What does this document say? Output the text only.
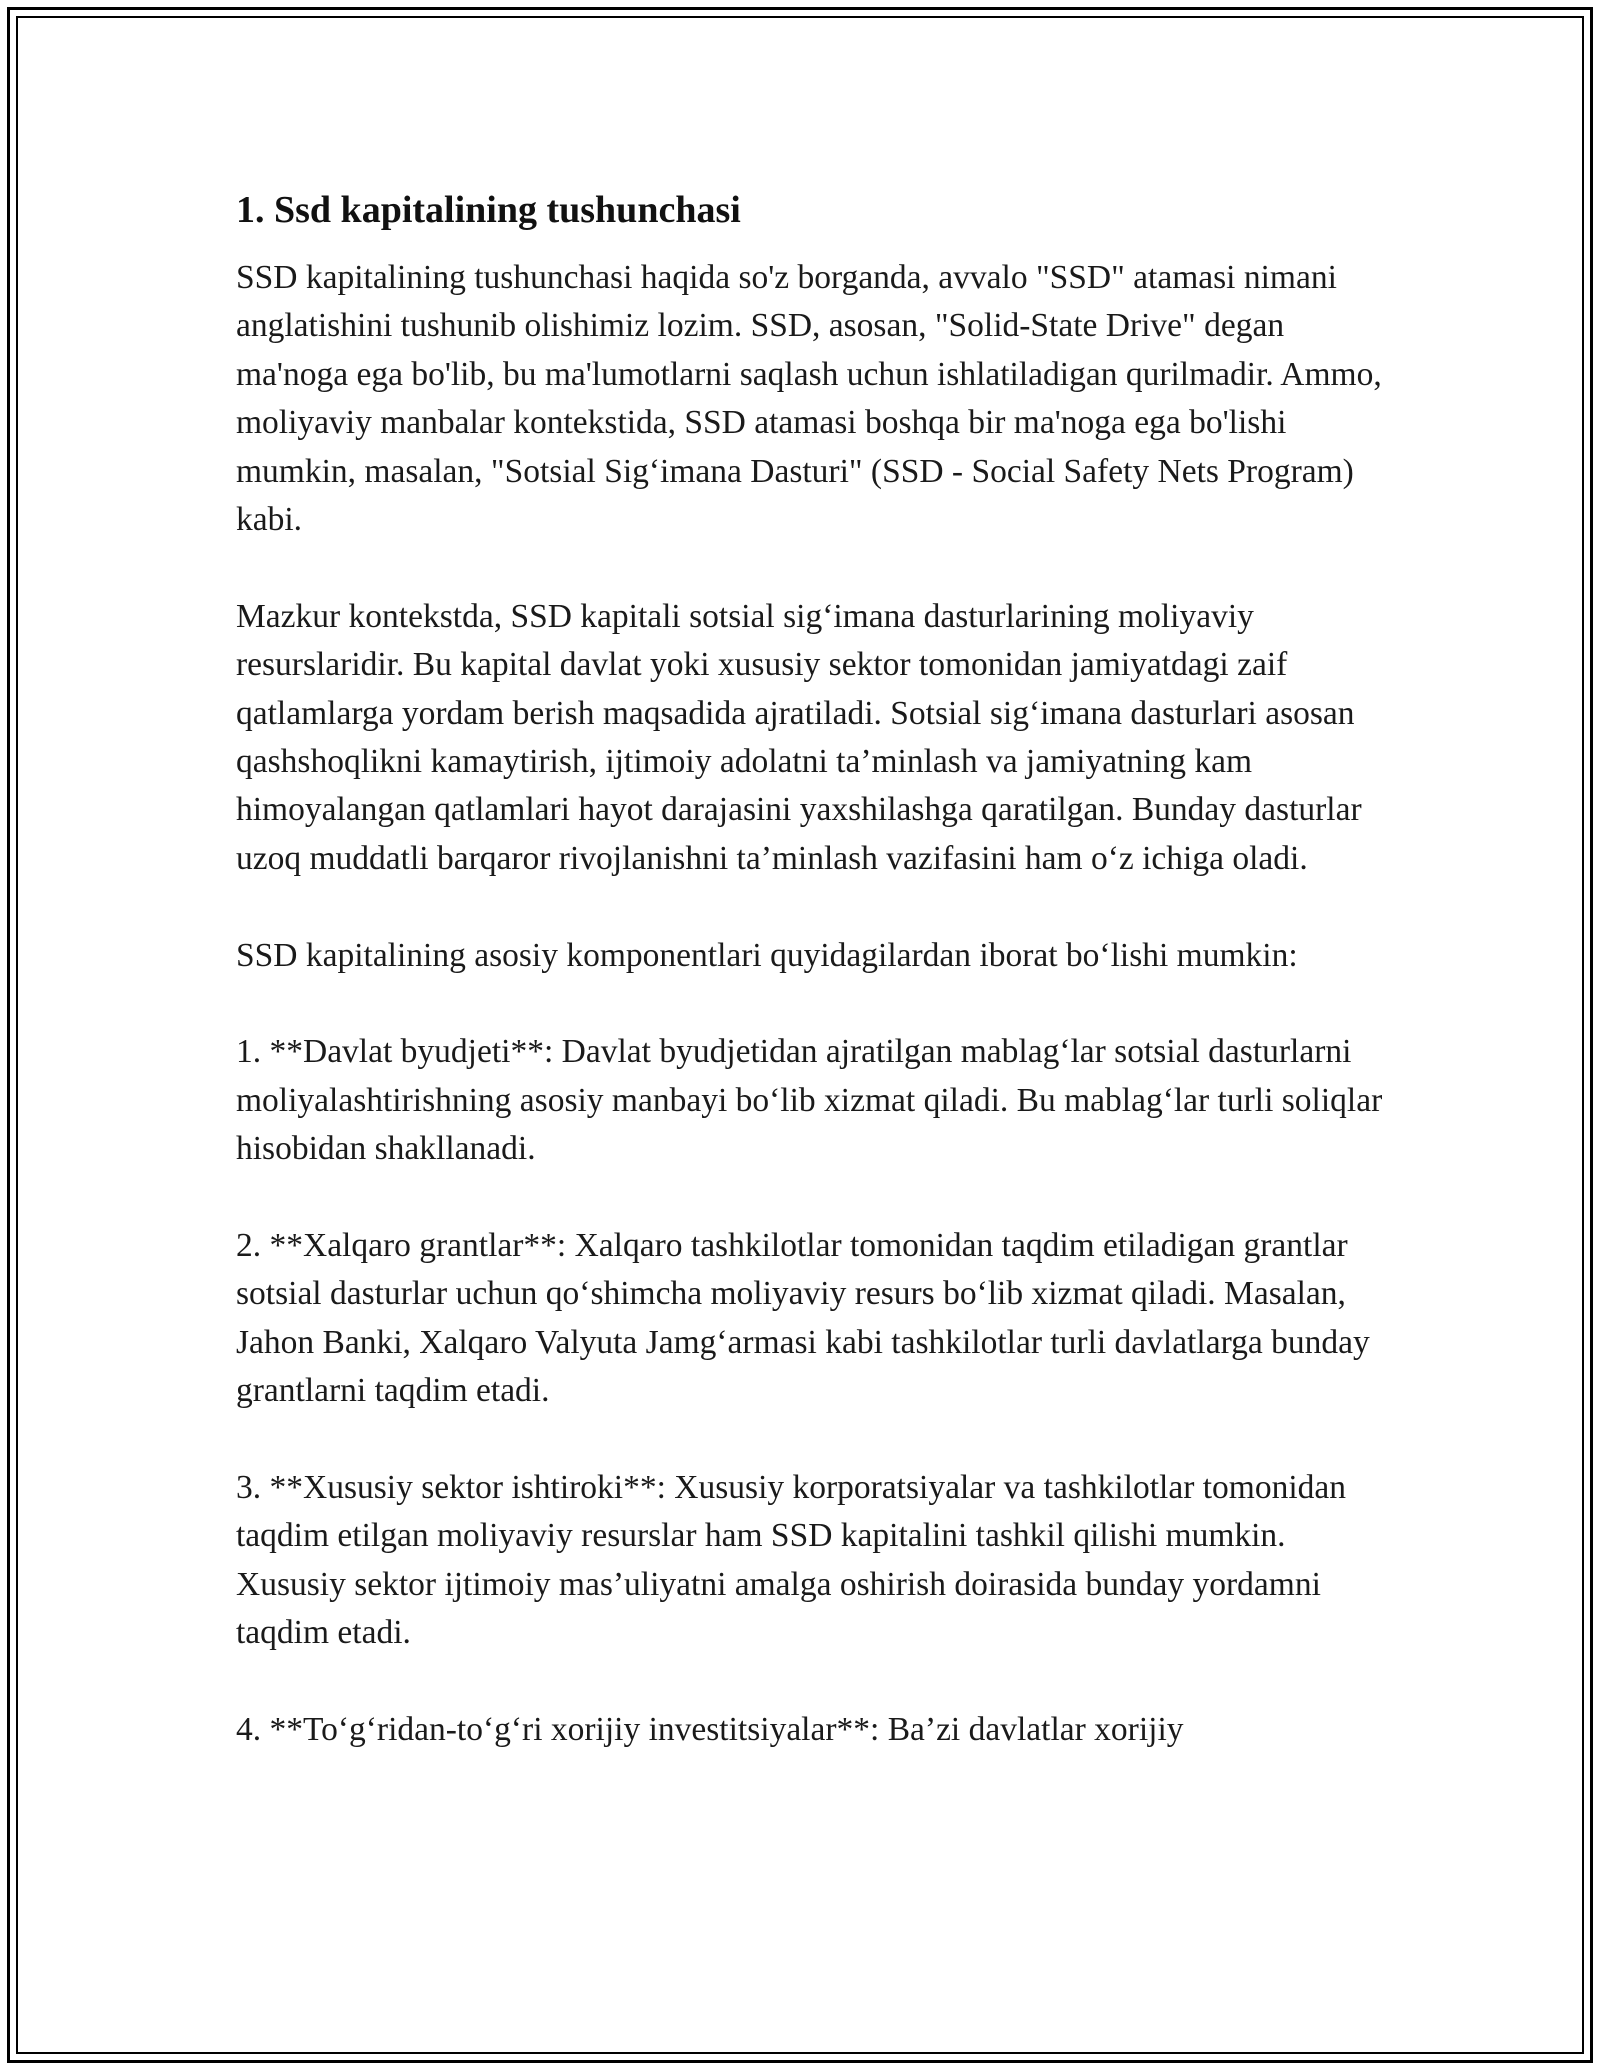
1. Ssd kapitalining tushunchasi

SSD kapitalining tushunchasi haqida so'z borganda, avvalo "SSD" atamasi nimani anglatishini tushunib olishimiz lozim. SSD, asosan, "Solid-State Drive" degan ma'noga ega bo'lib, bu ma'lumotlarni saqlash uchun ishlatiladigan qurilmadir. Ammo, moliyaviy manbalar kontekstida, SSD atamasi boshqa bir ma'noga ega bo'lishi mumkin, masalan, "Sotsial Sig‘imana Dasturi" (SSD - Social Safety Nets Program) kabi.

Mazkur kontekstda, SSD kapitali sotsial sig‘imana dasturlarining moliyaviy resurslaridir. Bu kapital davlat yoki xususiy sektor tomonidan jamiyatdagi zaif qatlamlarga yordam berish maqsadida ajratiladi. Sotsial sig‘imana dasturlari asosan qashshoqlikni kamaytirish, ijtimoiy adolatni ta’minlash va jamiyatning kam himoyalangan qatlamlari hayot darajasini yaxshilashga qaratilgan. Bunday dasturlar uzoq muddatli barqaror rivojlanishni ta’minlash vazifasini ham o‘z ichiga oladi.

SSD kapitalining asosiy komponentlari quyidagilardan iborat bo‘lishi mumkin:

1. **Davlat byudjeti**: Davlat byudjetidan ajratilgan mablag‘lar sotsial dasturlarni moliyalashtirishning asosiy manbayi bo‘lib xizmat qiladi. Bu mablag‘lar turli soliqlar hisobidan shakllanadi.

2. **Xalqaro grantlar**: Xalqaro tashkilotlar tomonidan taqdim etiladigan grantlar sotsial dasturlar uchun qo‘shimcha moliyaviy resurs bo‘lib xizmat qiladi. Masalan, Jahon Banki, Xalqaro Valyuta Jamg‘armasi kabi tashkilotlar turli davlatlarga bunday grantlarni taqdim etadi.

3. **Xususiy sektor ishtiroki**: Xususiy korporatsiyalar va tashkilotlar tomonidan taqdim etilgan moliyaviy resurslar ham SSD kapitalini tashkil qilishi mumkin. Xususiy sektor ijtimoiy mas’uliyatni amalga oshirish doirasida bunday yordamni taqdim etadi.

4. **To‘g‘ridan-to‘g‘ri xorijiy investitsiyalar**: Ba’zi davlatlar xorijiy
